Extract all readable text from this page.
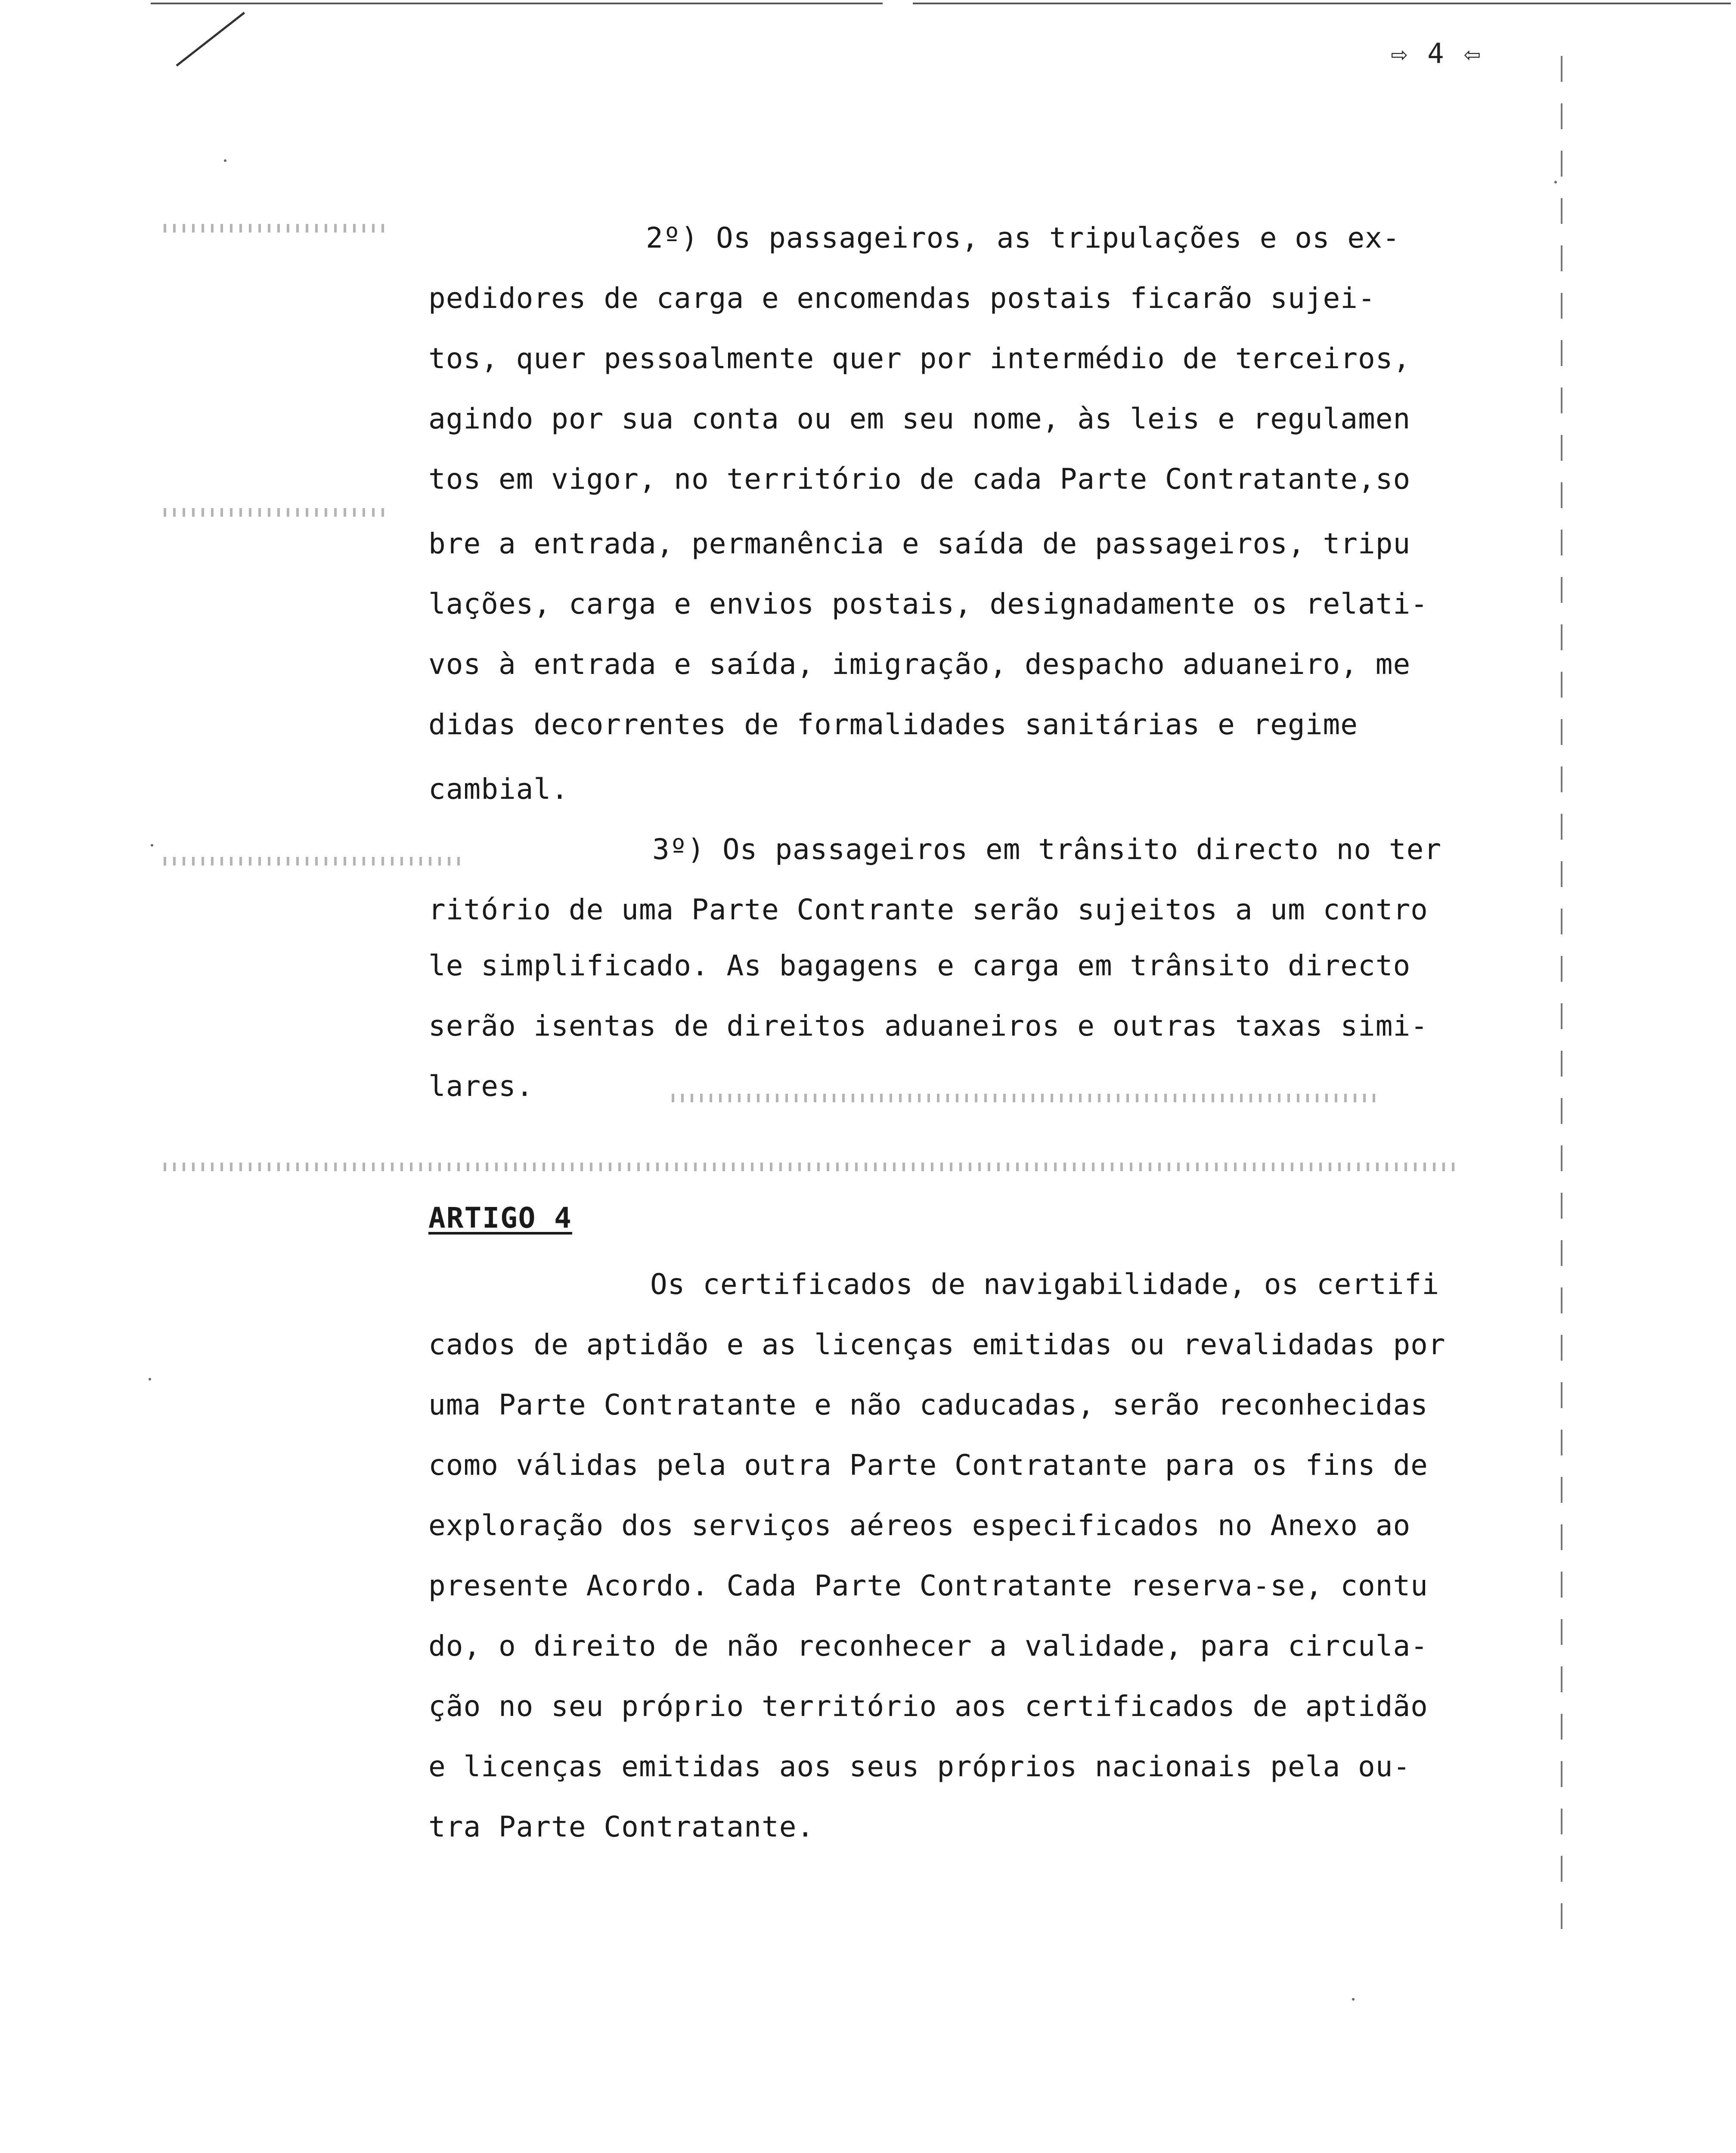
⇨ 4 ⇦
2º) Os passageiros, as tripulações e os ex-
pedidores de carga e encomendas postais ficarão sujei-
tos, quer pessoalmente quer por intermédio de terceiros,
agindo por sua conta ou em seu nome, às leis e regulamen
tos em vigor, no território de cada Parte Contratante,so
bre a entrada, permanência e saída de passageiros, tripu
lações, carga e envios postais, designadamente os relati-
vos à entrada e saída, imigração, despacho aduaneiro, me
didas decorrentes de formalidades sanitárias e regime
cambial.
3º) Os passageiros em trânsito directo no ter
ritório de uma Parte Contrante serão sujeitos a um contro
le simplificado. As bagagens e carga em trânsito directo
serão isentas de direitos aduaneiros e outras taxas simi-
lares.
ARTIGO 4
Os certificados de navigabilidade, os certifi
cados de aptidão e as licenças emitidas ou revalidadas por
uma Parte Contratante e não caducadas, serão reconhecidas
como válidas pela outra Parte Contratante para os fins de
exploração dos serviços aéreos especificados no Anexo ao
presente Acordo. Cada Parte Contratante reserva-se, contu
do, o direito de não reconhecer a validade, para circula-
ção no seu próprio território aos certificados de aptidão
e licenças emitidas aos seus próprios nacionais pela ou-
tra Parte Contratante.
